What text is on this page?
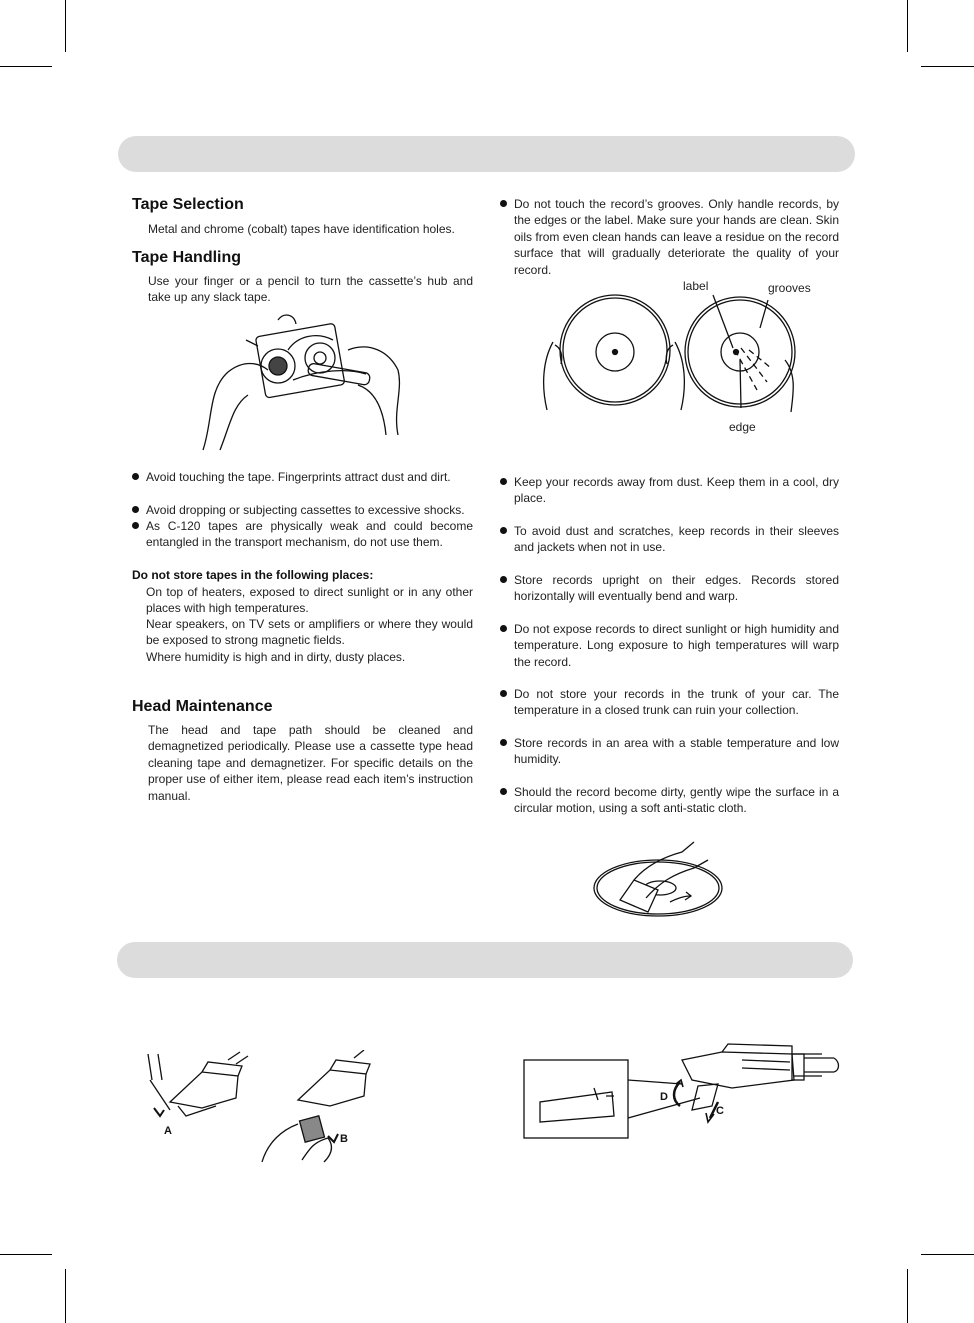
Tape Selection

Metal and chrome (cobalt) tapes have identification holes.

Tape Handling

Use your finger or a pencil to turn the cassette’s hub and take up any slack tape.

Avoid touching the tape. Fingerprints attract dust and dirt.
Avoid dropping or subjecting cassettes to excessive shocks.
As C-120 tapes are physically weak and could become entangled in the transport mechanism, do not use them.
Do not store tapes in the following places:

On top of heaters, exposed to direct sunlight or in any other places with high temperatures.

Near speakers, on TV sets or amplifiers or where they would be exposed to strong magnetic fields.

Where humidity is high and in dirty, dusty places.

Head Maintenance

The head and tape path should be cleaned and demagnetized periodically. Please use a cassette type head cleaning tape and demagnetizer. For specific details on the proper use of either item, please read each item’s instruction manual.

Do not touch the record’s grooves. Only handle records, by the edges or the label. Make sure your hands are clean. Skin oils from even clean hands can leave a residue on the record surface that will gradually deteriorate the quality of your record.
label	grooves
edge
Keep your records away from dust. Keep them in a cool, dry place.
To avoid dust and scratches, keep records in their sleeves and jackets when not in use.
Store records upright on their edges. Records stored horizontally will eventually bend and warp.
Do not expose records to direct sunlight or high humidity and temperature. Long exposure to high temperatures will warp the record.
Do not store your records in the trunk of your car. The temperature in a closed trunk can ruin your collection.
Store records in an area with a stable temperature and low humidity.
Should the record become dirty, gently wipe the surface in a circular motion, using a soft anti-static cloth.
A
B
D
C
